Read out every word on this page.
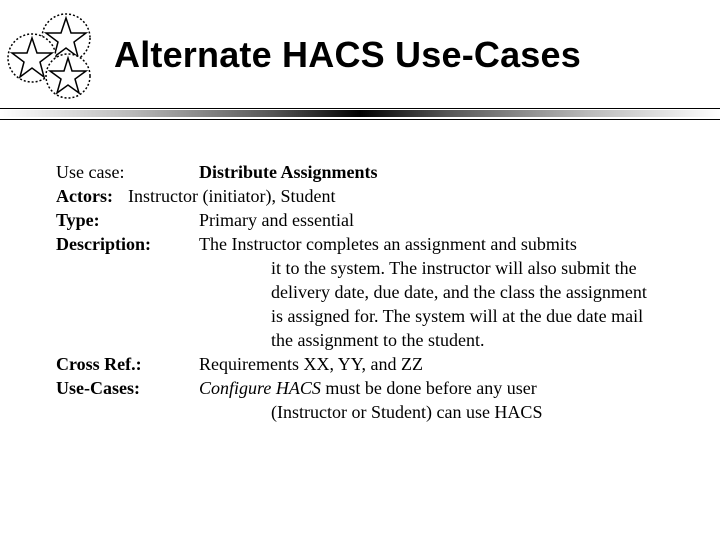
Alternate HACS Use-Cases
Use case:	Distribute Assignments
Actors: Instructor (initiator), Student
Type:	Primary and essential
Description:	The Instructor completes an assignment and submits
it to the system. The instructor will also submit the
delivery date, due date, and the class the assignment
is assigned for. The system will at the due date mail
the assignment to the student.
Cross Ref.:	Requirements XX, YY, and ZZ
Use-Cases:	Configure HACS must be done before any user
(Instructor or Student) can use HACS
